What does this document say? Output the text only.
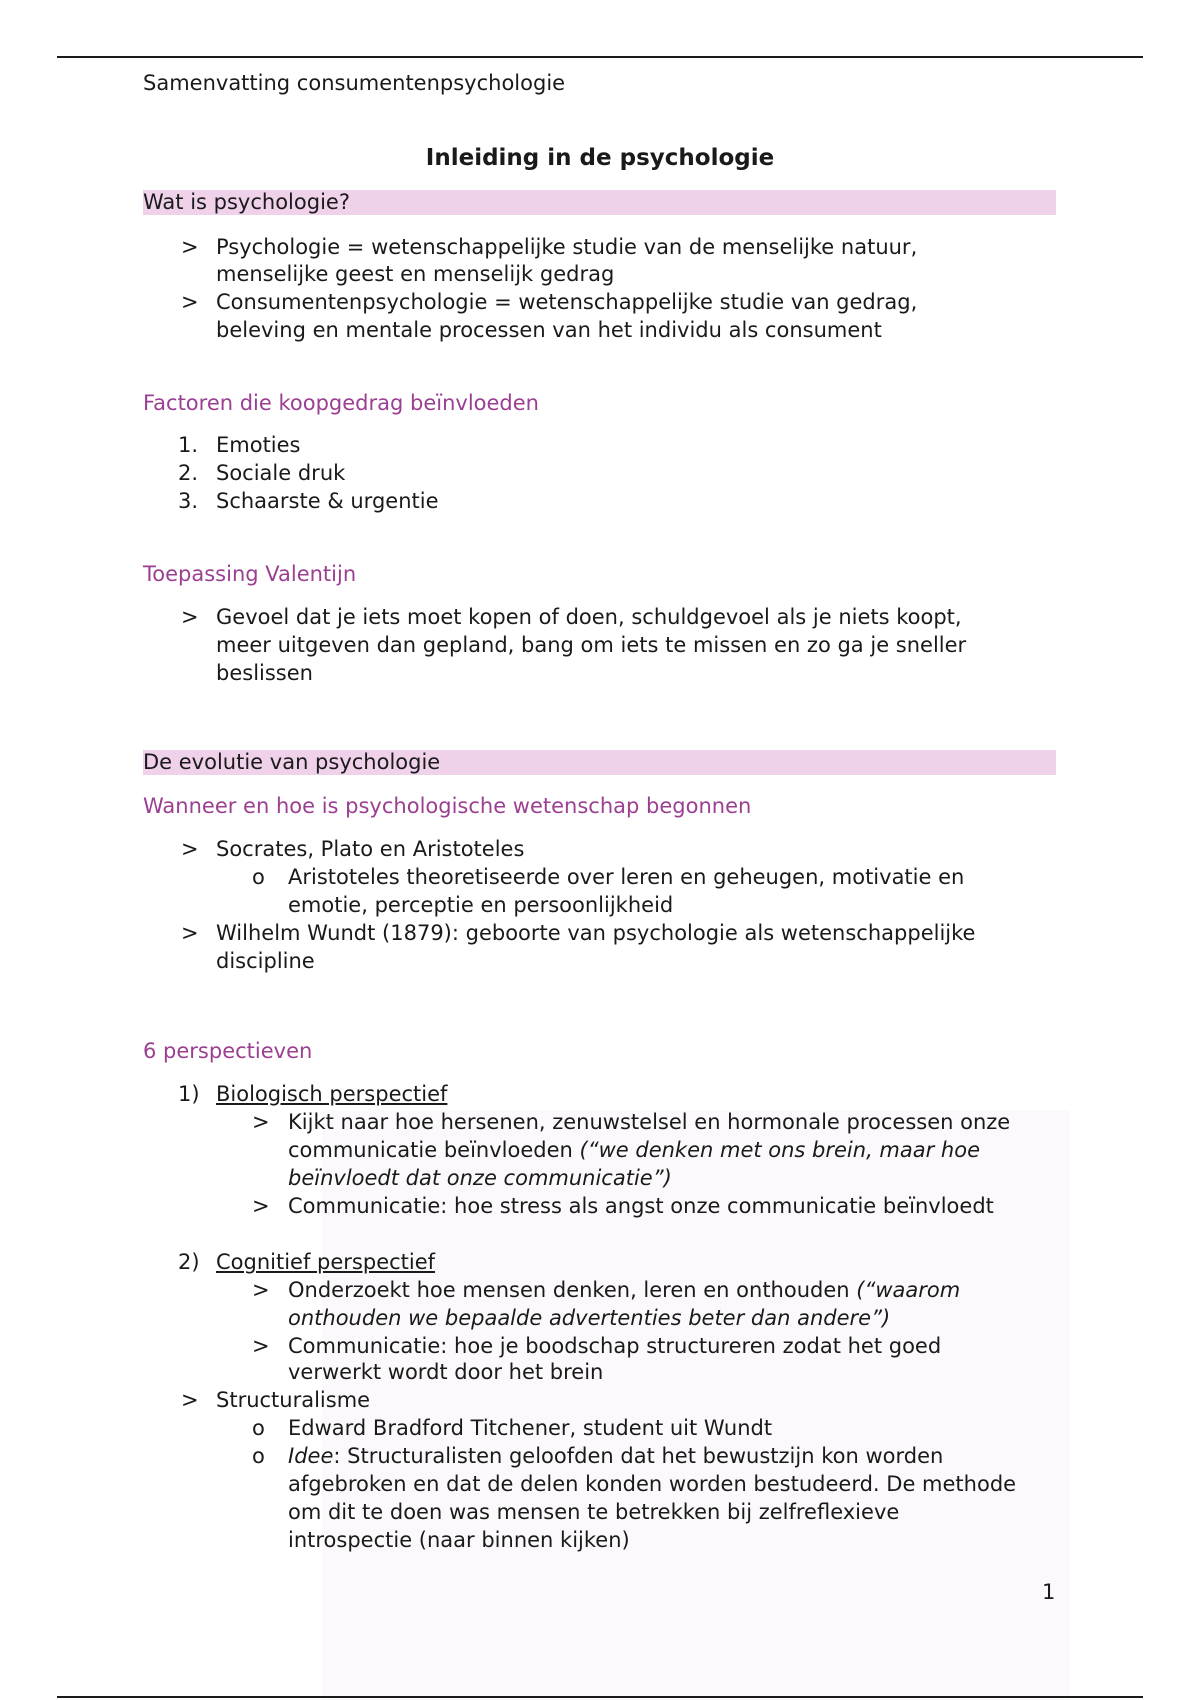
Samenvatting consumentenpsychologie
Inleiding in de psychologie
Wat is psychologie?
> Psychologie = wetenschappelijke studie van de menselijke natuur,
menselijke geest en menselijk gedrag
> Consumentenpsychologie = wetenschappelijke studie van gedrag,
beleving en mentale processen van het individu als consument
Factoren die koopgedrag beïnvloeden
1. Emoties
2. Sociale druk
3. Schaarste & urgentie
Toepassing Valentijn
> Gevoel dat je iets moet kopen of doen, schuldgevoel als je niets koopt,
meer uitgeven dan gepland, bang om iets te missen en zo ga je sneller
beslissen
De evolutie van psychologie
Wanneer en hoe is psychologische wetenschap begonnen
> Socrates, Plato en Aristoteles
o Aristoteles theoretiseerde over leren en geheugen, motivatie en
emotie, perceptie en persoonlijkheid
> Wilhelm Wundt (1879): geboorte van psychologie als wetenschappelijke
discipline
6 perspectieven
1) Biologisch perspectief
> Kijkt naar hoe hersenen, zenuwstelsel en hormonale processen onze
communicatie beïnvloeden (“we denken met ons brein, maar hoe
beïnvloedt dat onze communicatie”)
> Communicatie: hoe stress als angst onze communicatie beïnvloedt
2) Cognitief perspectief
> Onderzoekt hoe mensen denken, leren en onthouden (“waarom
onthouden we bepaalde advertenties beter dan andere”)
> Communicatie: hoe je boodschap structureren zodat het goed
verwerkt wordt door het brein
> Structuralisme
o Edward Bradford Titchener, student uit Wundt
o Idee: Structuralisten geloofden dat het bewustzijn kon worden
afgebroken en dat de delen konden worden bestudeerd. De methode
om dit te doen was mensen te betrekken bij zelfreflexieve
introspectie (naar binnen kijken)
1
